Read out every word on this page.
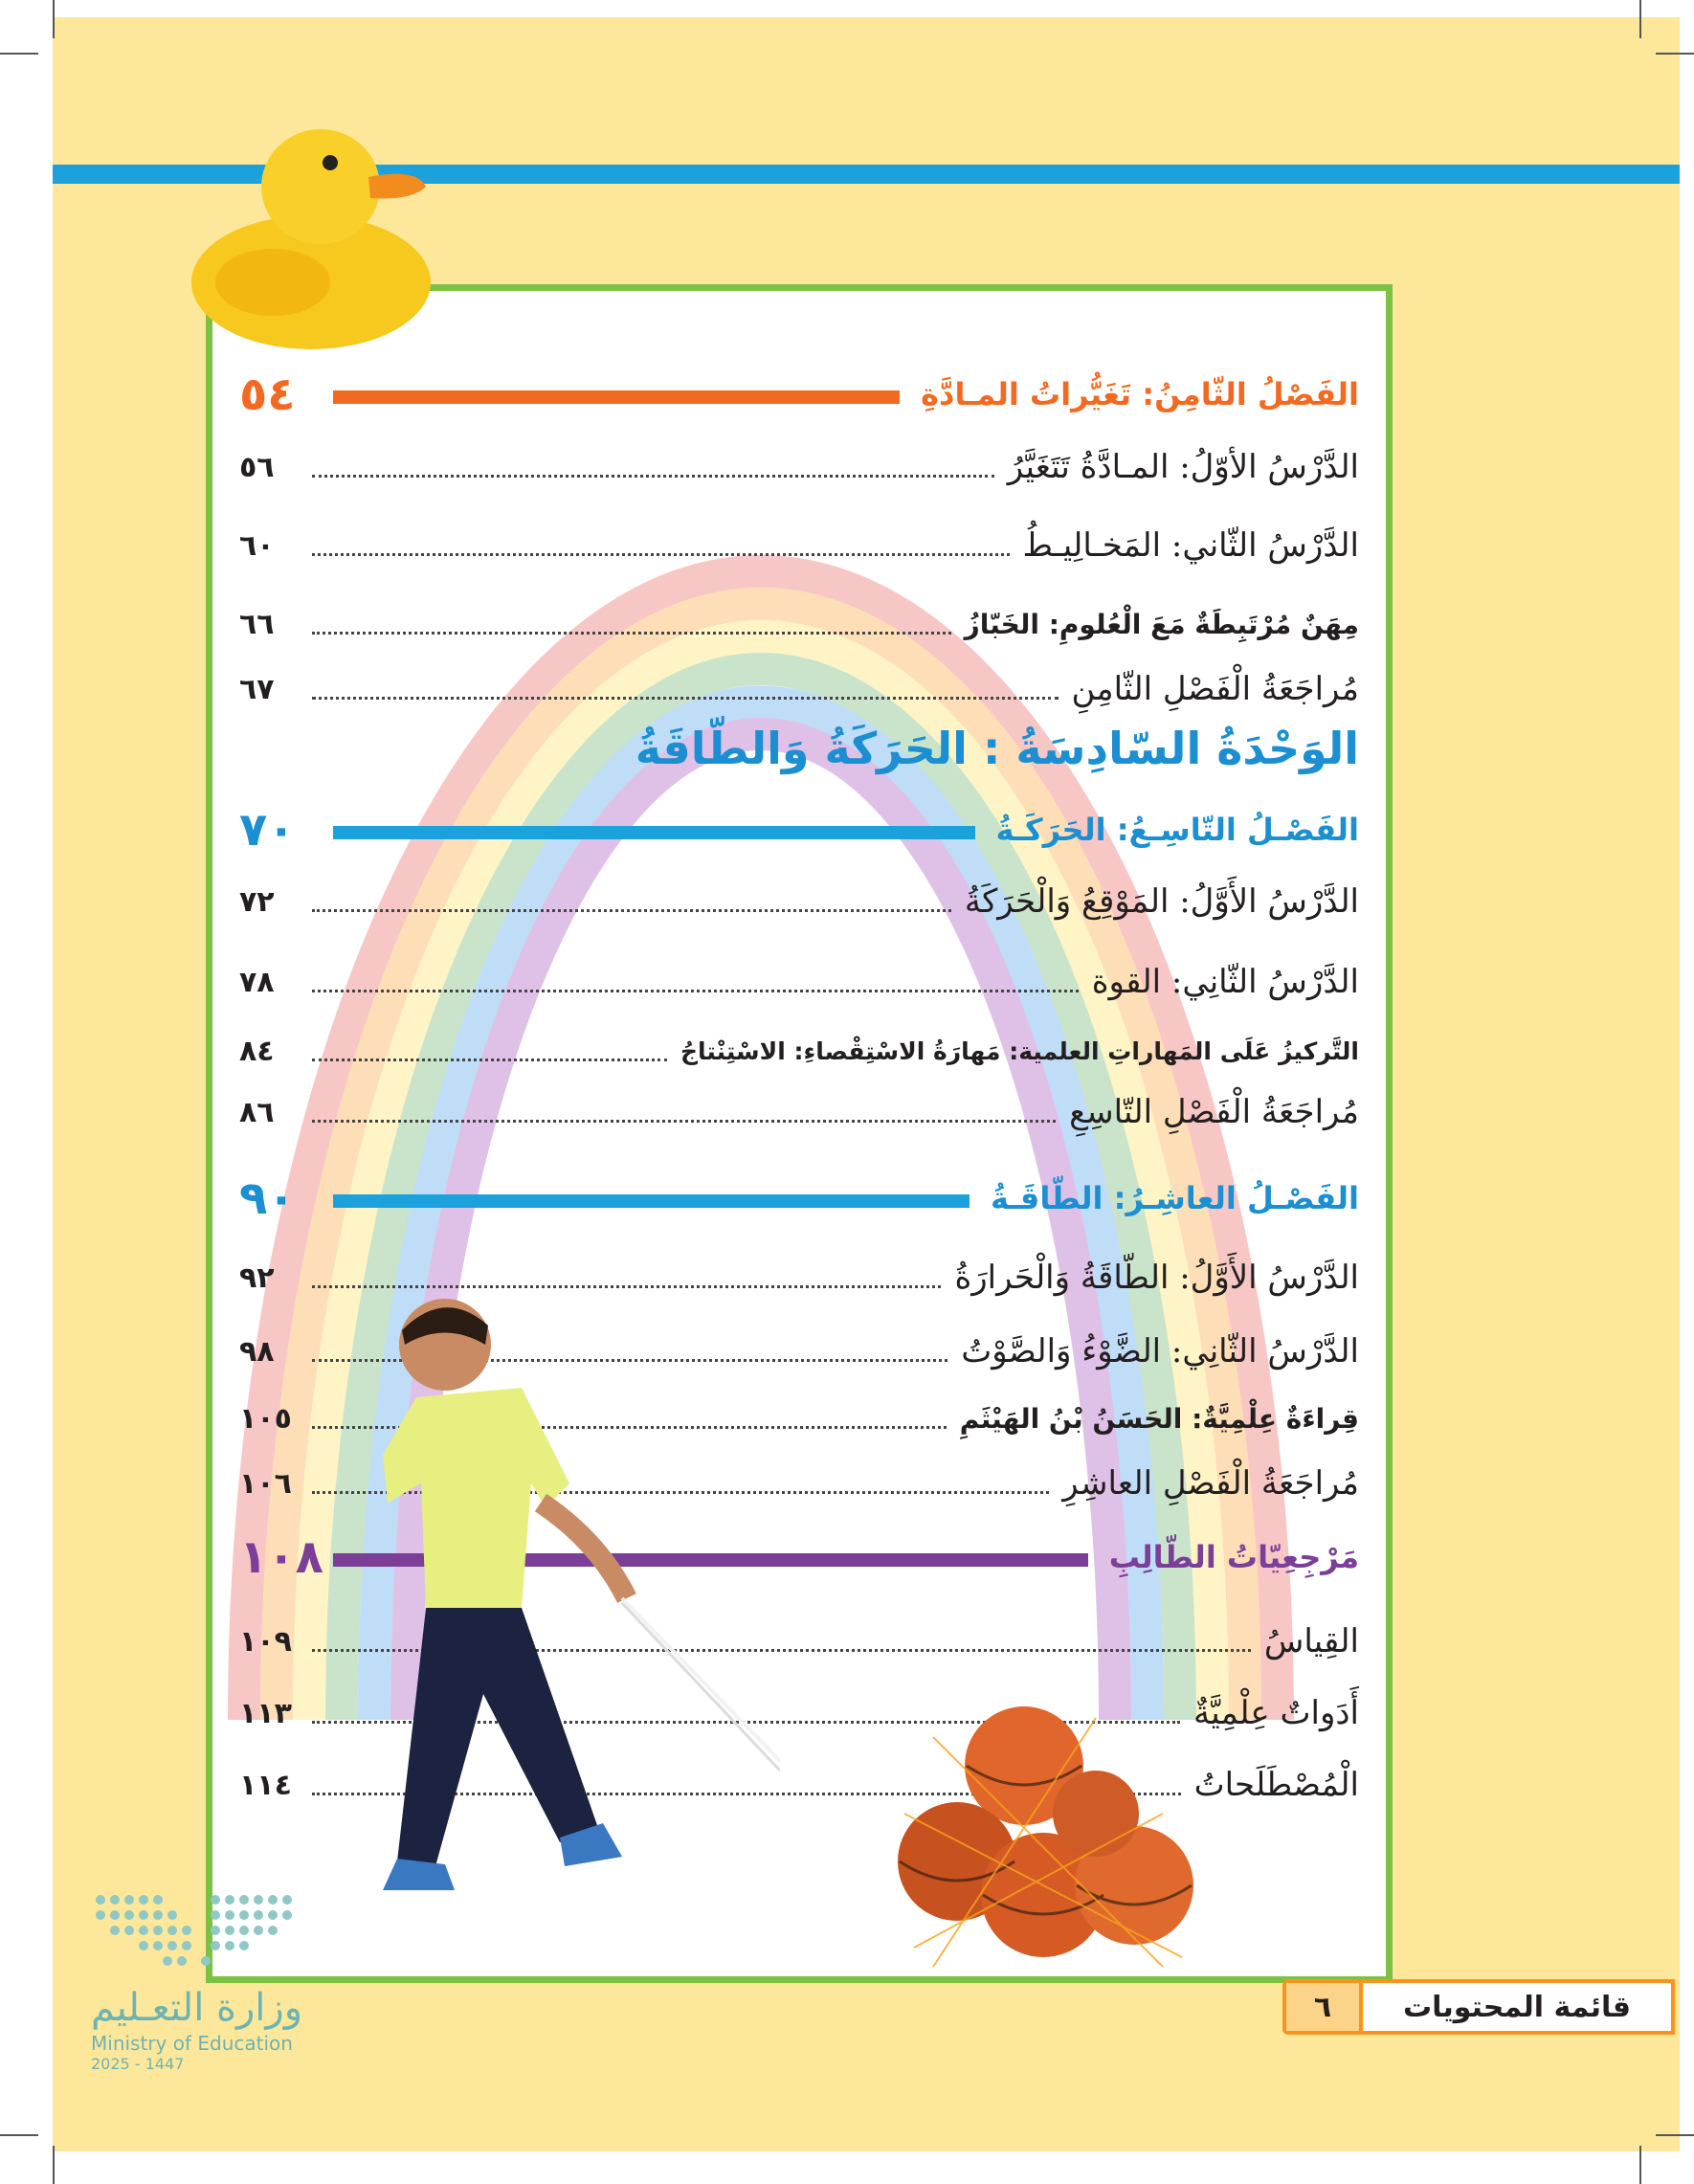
الفَصْلُ الثّامِنُ: تَغَيُّراتُ المـادَّةِ
٥٤
الدَّرْسُ الأوّلُ: المـادَّةُ تَتَغَيَّرُ
٥٦
الدَّرْسُ الثّاني: المَخـالِيـطُ
٦٠
مِهَنٌ مُرْتَبِطَةٌ مَعَ الْعُلومِ: الخَبّازُ
٦٦
مُراجَعَةُ الْفَصْلِ الثّامِنِ
٦٧
الوَحْدَةُ السّادِسَةُ : الحَرَكَةُ وَالطّاقَةُ
الفَصْـلُ التّاسِـعُ: الحَرَكَـةُ
٧٠
الدَّرْسُ الأَوَّلُ: المَوْقِعُ وَالْحَرَكَةُ
٧٢
الدَّرْسُ الثّانِي: القوة
٧٨
التَّركيزُ عَلَى المَهاراتِ العلمية: مَهارَةُ الاسْتِقْصاءِ: الاسْتِنْتاجُ
٨٤
مُراجَعَةُ الْفَصْلِ التّاسِعِ
٨٦
الفَصْـلُ العاشِـرُ: الطّاقَـةُ
٩٠
الدَّرْسُ الأَوَّلُ: الطّاقَةُ وَالْحَرارَةُ
٩٢
الدَّرْسُ الثّانِي: الضَّوْءُ وَالصَّوْتُ
٩٨
قِراءَةٌ عِلْمِيَّةٌ: الحَسَنُ بْنُ الهَيْثَمِ
١٠٥
مُراجَعَةُ الْفَصْلِ العاشِرِ
١٠٦
مَرْجِعِيّاتُ الطّالِبِ
١٠٨
القِياسُ
١٠٩
أَدَواتٌ عِلْمِيَّةٌ
١١٣
الْمُصْطَلَحاتُ
١١٤
وزارة التعـليم
Ministry of Education
2025 - 1447
قائمة المحتويات
٦
